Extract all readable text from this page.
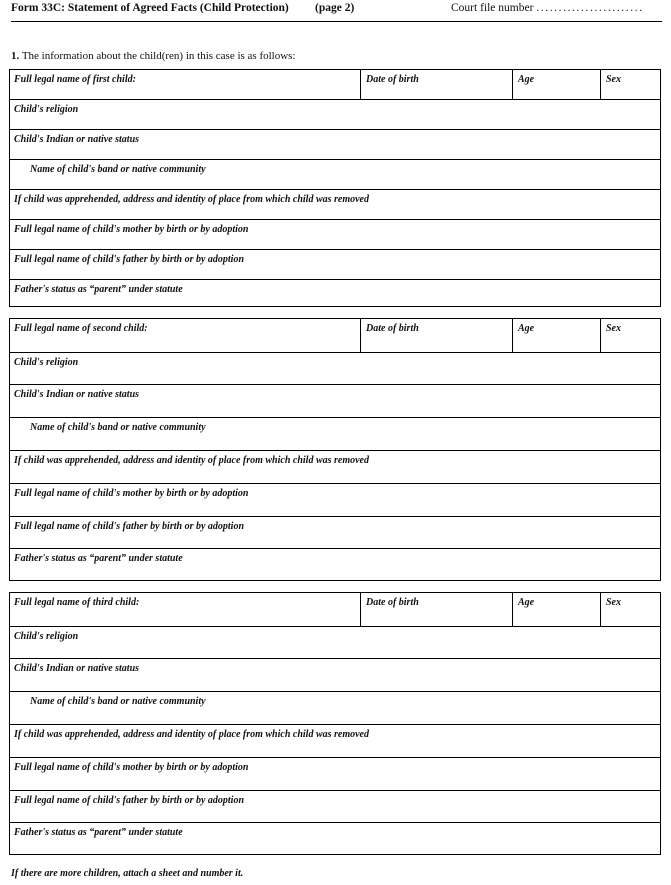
Form 33C: Statement of Agreed Facts (Child Protection) (page 2)	Court file number ........................
1. The information about the child(ren) in this case is as follows:
Full legal name of first child:	Date of birth	Age	Sex
Child's religion
Child's Indian or native status
Name of child's band or native community
If child was apprehended, address and identity of place from which child was removed
Full legal name of child's mother by birth or by adoption
Full legal name of child's father by birth or by adoption
Father's status as “parent” under statute
Full legal name of second child:	Date of birth	Age	Sex
Child's religion
Child's Indian or native status
Name of child's band or native community
If child was apprehended, address and identity of place from which child was removed
Full legal name of child's mother by birth or by adoption
Full legal name of child's father by birth or by adoption
Father's status as “parent” under statute
Full legal name of third child:	Date of birth	Age	Sex
Child's religion
Child's Indian or native status
Name of child's band or native community
If child was apprehended, address and identity of place from which child was removed
Full legal name of child's mother by birth or by adoption
Full legal name of child's father by birth or by adoption
Father's status as “parent” under statute
If there are more children, attach a sheet and number it.
